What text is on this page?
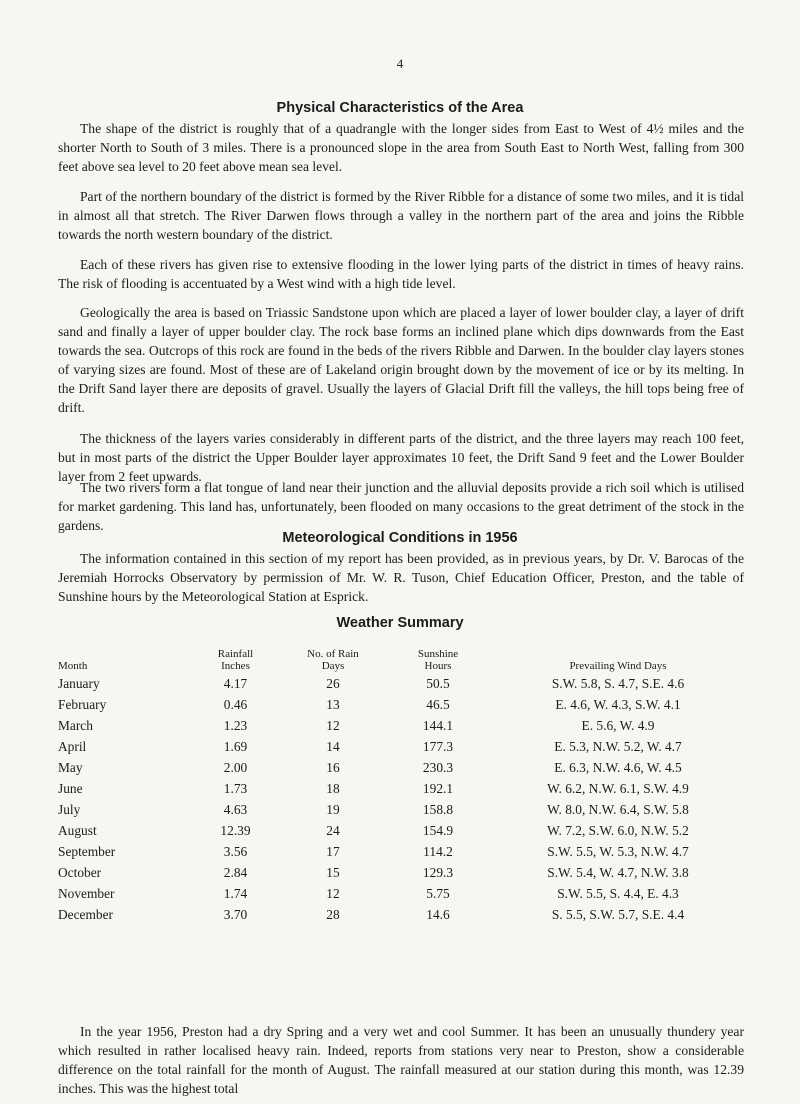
4
Physical Characteristics of the Area

The shape of the district is roughly that of a quadrangle with the longer sides from East to West of 4½ miles and the shorter North to South of 3 miles. There is a pronounced slope in the area from South East to North West, falling from 300 feet above sea level to 20 feet above mean sea level.

Part of the northern boundary of the district is formed by the River Ribble for a distance of some two miles, and it is tidal in almost all that stretch. The River Darwen flows through a valley in the northern part of the area and joins the Ribble towards the north western boundary of the district.

Each of these rivers has given rise to extensive flooding in the lower lying parts of the district in times of heavy rains. The risk of flooding is accentuated by a West wind with a high tide level.

Geologically the area is based on Triassic Sandstone upon which are placed a layer of lower boulder clay, a layer of drift sand and finally a layer of upper boulder clay. The rock base forms an inclined plane which dips downwards from the East towards the sea. Outcrops of this rock are found in the beds of the rivers Ribble and Darwen. In the boulder clay layers stones of varying sizes are found. Most of these are of Lakeland origin brought down by the movement of ice or by its melting. In the Drift Sand layer there are deposits of gravel. Usually the layers of Glacial Drift fill the valleys, the hill tops being free of drift.

The thickness of the layers varies considerably in different parts of the district, and the three layers may reach 100 feet, but in most parts of the district the Upper Boulder layer approximates 10 feet, the Drift Sand 9 feet and the Lower Boulder layer from 2 feet upwards.

The two rivers form a flat tongue of land near their junction and the alluvial deposits provide a rich soil which is utilised for market gardening. This land has, unfortunately, been flooded on many occasions to the great detriment of the stock in the gardens.

Meteorological Conditions in 1956

The information contained in this section of my report has been provided, as in previous years, by Dr. V. Barocas of the Jeremiah Horrocks Observatory by permission of Mr. W. R. Tuson, Chief Education Officer, Preston, and the table of Sunshine hours by the Meteorological Station at Esprick.

Weather Summary
Month	Rainfall Inches	No. of Rain Days	Sunshine Hours	Prevailing Wind Days
January	4.17	26	50.5	S.W. 5.8, S. 4.7, S.E. 4.6
February	0.46	13	46.5	E. 4.6, W. 4.3, S.W. 4.1
March	1.23	12	144.1	E. 5.6, W. 4.9
April	1.69	14	177.3	E. 5.3, N.W. 5.2, W. 4.7
May	2.00	16	230.3	E. 6.3, N.W. 4.6, W. 4.5
June	1.73	18	192.1	W. 6.2, N.W. 6.1, S.W. 4.9
July	4.63	19	158.8	W. 8.0, N.W. 6.4, S.W. 5.8
August	12.39	24	154.9	W. 7.2, S.W. 6.0, N.W. 5.2
September	3.56	17	114.2	S.W. 5.5, W. 5.3, N.W. 4.7
October	2.84	15	129.3	S.W. 5.4, W. 4.7, N.W. 3.8
November	1.74	12	5.75	S.W. 5.5, S. 4.4, E. 4.3
December	3.70	28	14.6	S. 5.5, S.W. 5.7, S.E. 4.4

In the year 1956, Preston had a dry Spring and a very wet and cool Summer. It has been an unusually thundery year which resulted in rather localised heavy rain. Indeed, reports from stations very near to Preston, show a considerable difference on the total rainfall for the month of August. The rainfall measured at our station during this month, was 12.39 inches. This was the highest total
